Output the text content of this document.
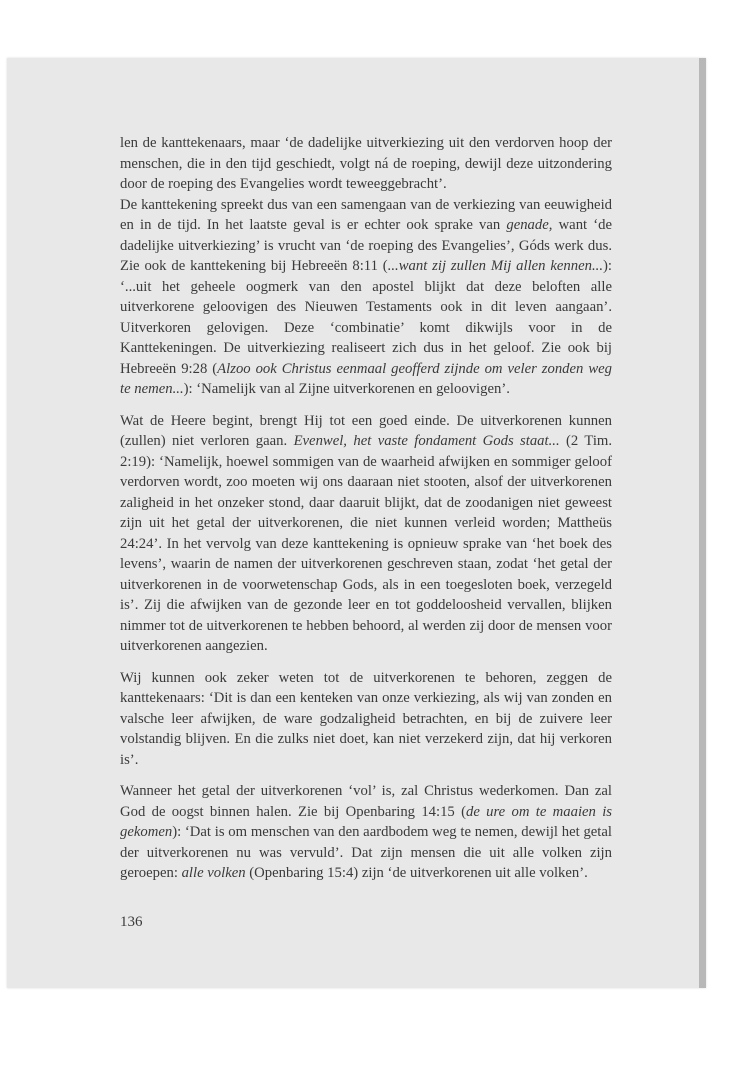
len de kanttekenaars, maar ‘de dadelijke uitverkiezing uit den verdorven hoop der menschen, die in den tijd geschiedt, volgt ná de roeping, dewijl deze uitzondering door de roeping des Evangelies wordt teweeggebracht’.

De kanttekening spreekt dus van een samengaan van de verkiezing van eeuwigheid en in de tijd. In het laatste geval is er echter ook sprake van genade, want ‘de dadelijke uitverkiezing’ is vrucht van ‘de roeping des Evangelies’, Góds werk dus. Zie ook de kanttekening bij Hebreeën 8:11 (...want zij zullen Mij allen kennen...): ‘...uit het geheele oogmerk van den apostel blijkt dat deze beloften alle uitverkorene geloovigen des Nieuwen Testaments ook in dit leven aangaan’. Uitverkoren gelovigen. Deze ‘combinatie’ komt dikwijls voor in de Kanttekeningen. De uitverkiezing realiseert zich dus in het geloof. Zie ook bij Hebreeën 9:28 (Alzoo ook Christus eenmaal geofferd zijnde om veler zonden weg te nemen...): ‘Namelijk van al Zijne uitverkorenen en geloovigen’.

Wat de Heere begint, brengt Hij tot een goed einde. De uitverkorenen kunnen (zullen) niet verloren gaan. Evenwel, het vaste fondament Gods staat... (2 Tim. 2:19): ‘Namelijk, hoewel sommigen van de waarheid afwijken en sommiger geloof verdorven wordt, zoo moeten wij ons daaraan niet stooten, alsof der uitverkorenen zaligheid in het onzeker stond, daar daaruit blijkt, dat de zoodanigen niet geweest zijn uit het getal der uitverkorenen, die niet kunnen verleid worden; Mattheüs 24:24’. In het vervolg van deze kanttekening is opnieuw sprake van ‘het boek des levens’, waarin de namen der uitverkorenen geschreven staan, zodat ‘het getal der uitverkorenen in de voorwetenschap Gods, als in een toegesloten boek, verzegeld is’. Zij die afwijken van de gezonde leer en tot goddeloosheid vervallen, blijken nimmer tot de uitverkorenen te hebben behoord, al werden zij door de mensen voor uitverkorenen aangezien.

Wij kunnen ook zeker weten tot de uitverkorenen te behoren, zeggen de kanttekenaars: ‘Dit is dan een kenteken van onze verkiezing, als wij van zonden en valsche leer afwijken, de ware godzaligheid betrachten, en bij de zuivere leer volstandig blijven. En die zulks niet doet, kan niet verzekerd zijn, dat hij verkoren is’.

Wanneer het getal der uitverkorenen ‘vol’ is, zal Christus wederkomen. Dan zal God de oogst binnen halen. Zie bij Openbaring 14:15 (de ure om te maaien is gekomen): ‘Dat is om menschen van den aardbodem weg te nemen, dewijl het getal der uitverkorenen nu was vervuld’. Dat zijn mensen die uit alle volken zijn geroepen: alle volken (Openbaring 15:4) zijn ‘de uitverkorenen uit alle volken’.

136
